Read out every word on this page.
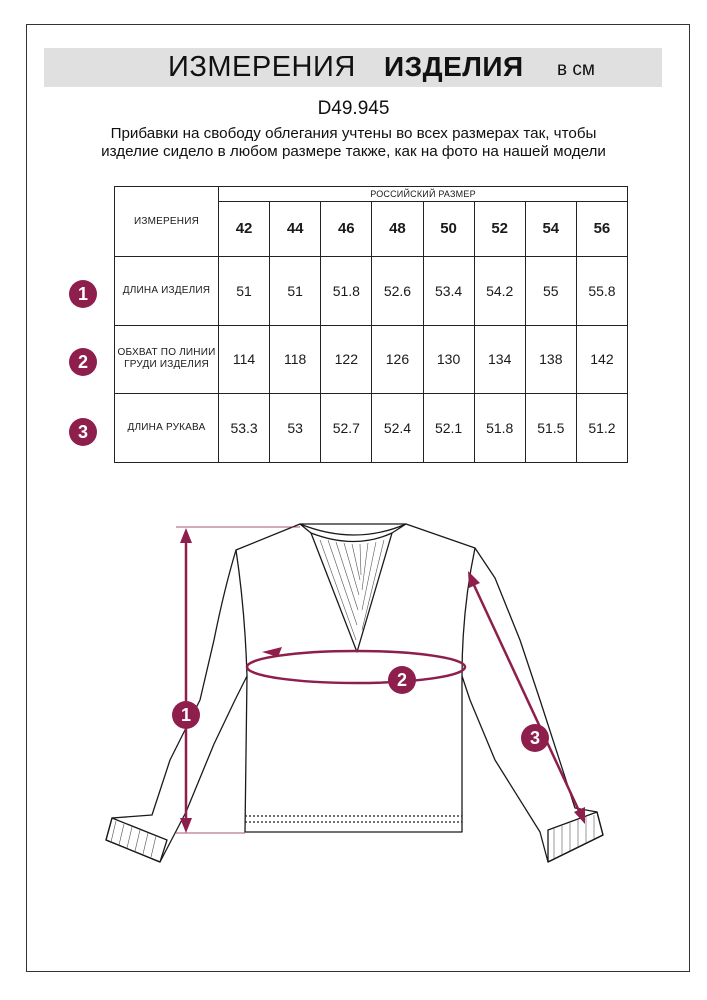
ИЗМЕРЕНИЯ ИЗДЕЛИЯ в см
D49.945
Прибавки на свободу облегания учтены во всех размерах так, чтобы изделие сидело в любом размере также, как на фото на нашей модели
ИЗМЕРЕНИЯ	РОССИЙСКИЙ РАЗМЕР							
	42	44	46	48	50	52	54	56
ДЛИНА ИЗДЕЛИЯ	51	51	51.8	52.6	53.4	54.2	55	55.8
ОБХВАТ ПО ЛИНИИ ГРУДИ ИЗДЕЛИЯ	114	118	122	126	130	134	138	142
ДЛИНА РУКАВА	53.3	53	52.7	52.4	52.1	51.8	51.5	51.2
1
2
3
1
2
3
